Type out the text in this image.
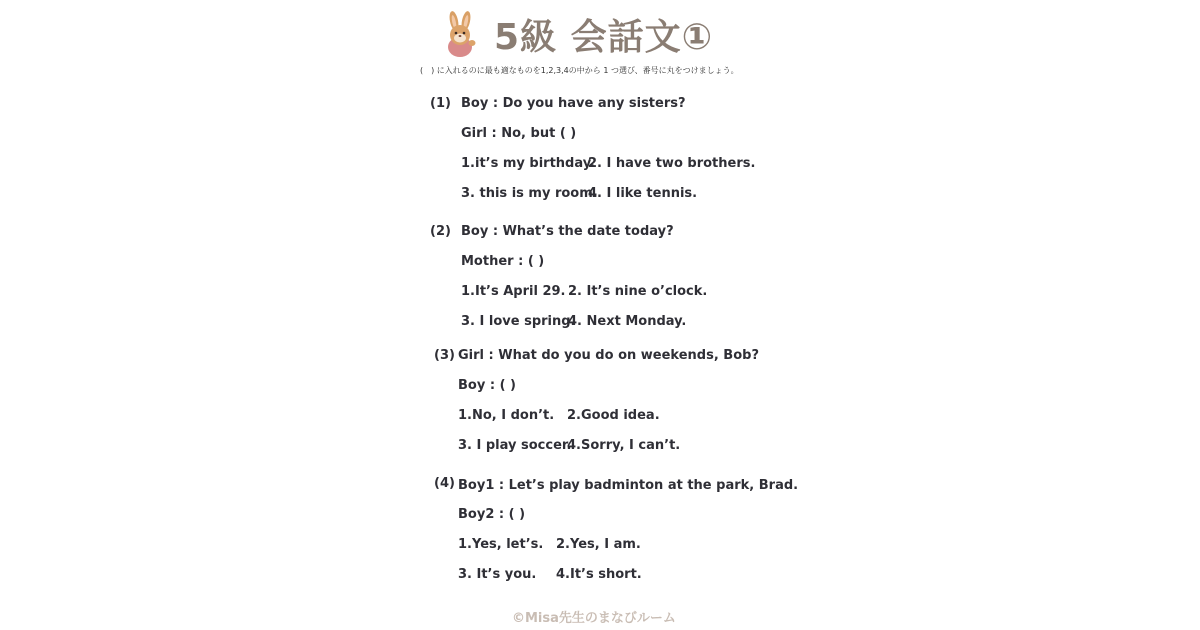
5級 会話文①
(　) に入れるのに最も適なものを1,2,3,4の中から 1 つ選び、番号に丸をつけましょう。
(1) Boy : Do you have any sisters?
Girl : No, but ( )
1.it’s my birthday.
2. I have two brothers.
3. this is my room.
4. I like tennis.
(2) Boy : What’s the date today?
Mother : ( )
1.It’s April 29. 2. It’s nine o’clock.
3. I love spring.
4. Next Monday.
(3) Girl : What do you do on weekends, Bob?
Boy : ( )
1.No, I don’t. 2.Good idea.
3. I play soccer.
4.Sorry, I can’t.
(4) Boy1 : Let’s play badminton at the park, Brad.
Boy2 : ( )
1.Yes, let’s. 2.Yes, I am.
3. It’s you. 4.It’s short.
©Misa先生のまなびルーム
